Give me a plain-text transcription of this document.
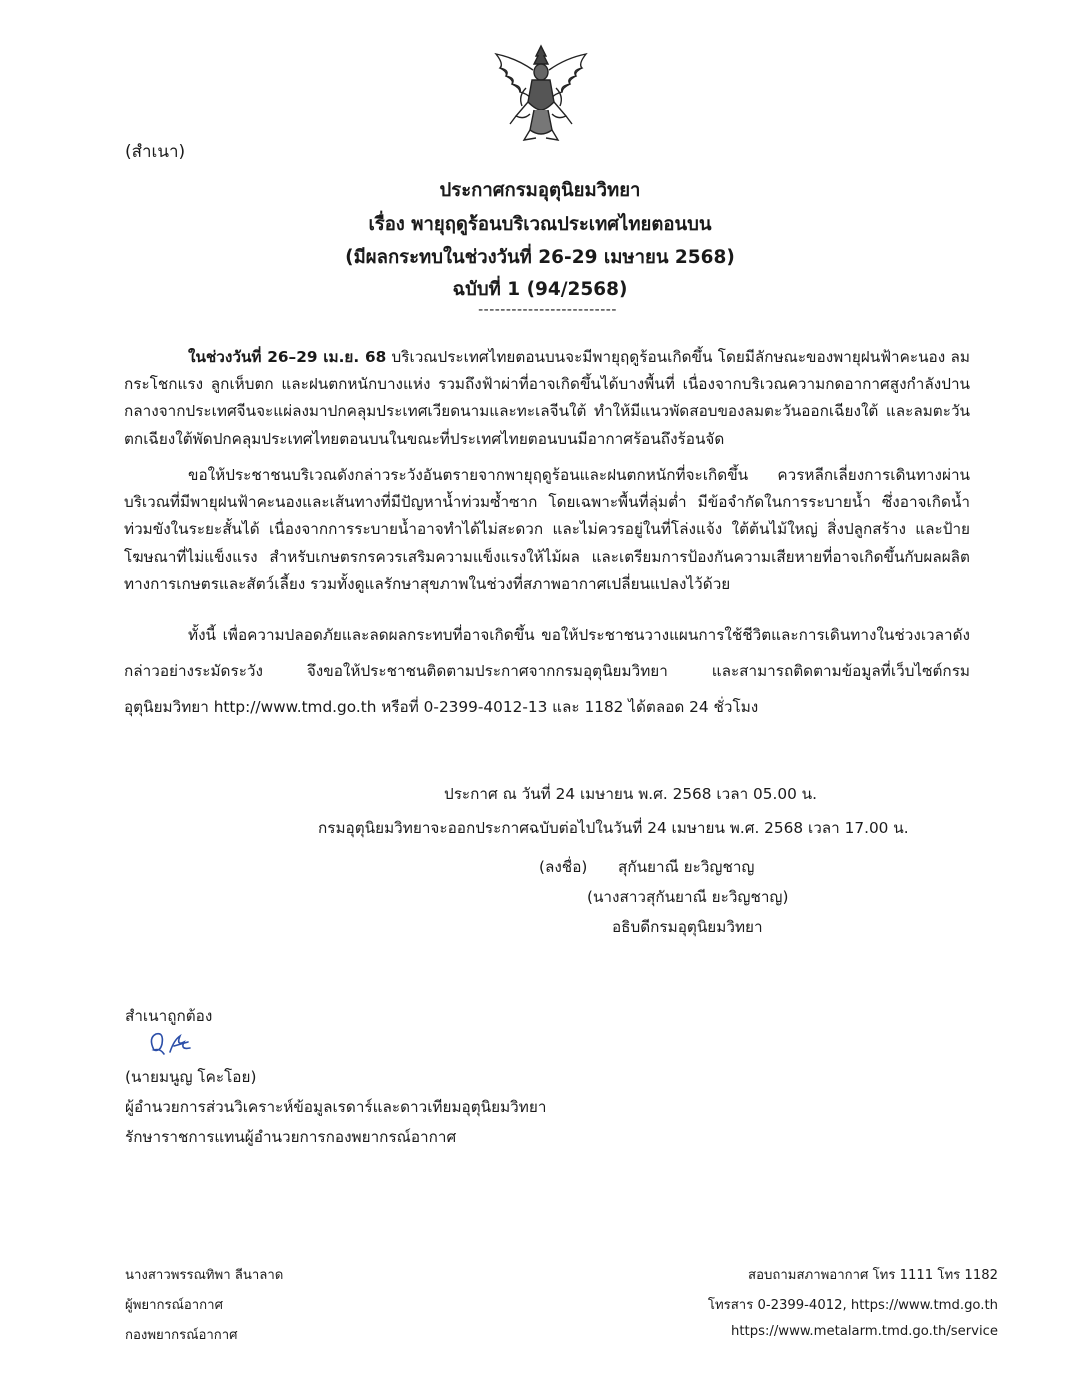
(สำเนา)
ประกาศกรมอุตุนิยมวิทยา
เรื่อง พายุฤดูร้อนบริเวณประเทศไทยตอนบน
(มีผลกระทบในช่วงวันที่ 26-29 เมษายน 2568)
ฉบับที่ 1 (94/2568)
-------------------------

ในช่วงวันที่ 26–29 เม.ย. 68 บริเวณประเทศไทยตอนบนจะมีพายุฤดูร้อนเกิดขึ้น โดยมีลักษณะของพายุฝนฟ้าคะนอง ลมกระโชกแรง ลูกเห็บตก และฝนตกหนักบางแห่ง รวมถึงฟ้าผ่าที่อาจเกิดขึ้นได้บางพื้นที่ เนื่องจากบริเวณความกดอากาศสูงกำลังปานกลางจากประเทศจีนจะแผ่ลงมาปกคลุมประเทศเวียดนามและทะเลจีนใต้ ทำให้มีแนวพัดสอบของลมตะวันออกเฉียงใต้ และลมตะวันตกเฉียงใต้พัดปกคลุมประเทศไทยตอนบนในขณะที่ประเทศไทยตอนบนมีอากาศร้อนถึงร้อนจัด

ขอให้ประชาชนบริเวณดังกล่าวระวังอันตรายจากพายุฤดูร้อนและฝนตกหนักที่จะเกิดขึ้น ควรหลีกเลี่ยงการเดินทางผ่านบริเวณที่มีพายุฝนฟ้าคะนองและเส้นทางที่มีปัญหาน้ำท่วมซ้ำซาก โดยเฉพาะพื้นที่ลุ่มต่ำ มีข้อจำกัดในการระบายน้ำ ซึ่งอาจเกิดน้ำท่วมขังในระยะสั้นได้ เนื่องจากการระบายน้ำอาจทำได้ไม่สะดวก และไม่ควรอยู่ในที่โล่งแจ้ง ใต้ต้นไม้ใหญ่ สิ่งปลูกสร้าง และป้ายโฆษณาที่ไม่แข็งแรง สำหรับเกษตรกรควรเสริมความแข็งแรงให้ไม้ผล และเตรียมการป้องกันความเสียหายที่อาจเกิดขึ้นกับผลผลิตทางการเกษตรและสัตว์เลี้ยง รวมทั้งดูแลรักษาสุขภาพในช่วงที่สภาพอากาศเปลี่ยนแปลงไว้ด้วย

ทั้งนี้ เพื่อความปลอดภัยและลดผลกระทบที่อาจเกิดขึ้น ขอให้ประชาชนวางแผนการใช้ชีวิตและการเดินทางในช่วงเวลาดังกล่าวอย่างระมัดระวัง จึงขอให้ประชาชนติดตามประกาศจากกรมอุตุนิยมวิทยา และสามารถติดตามข้อมูลที่เว็บไซต์กรมอุตุนิยมวิทยา http://www.tmd.go.th หรือที่ 0-2399-4012-13 และ 1182 ได้ตลอด 24 ชั่วโมง

ประกาศ ณ วันที่ 24 เมษายน พ.ศ. 2568 เวลา 05.00 น.
กรมอุตุนิยมวิทยาจะออกประกาศฉบับต่อไปในวันที่ 24 เมษายน พ.ศ. 2568 เวลา 17.00 น.
(ลงชื่อ) สุกันยาณี ยะวิญชาญ
(นางสาวสุกันยาณี ยะวิญชาญ)
อธิบดีกรมอุตุนิยมวิทยา
สำเนาถูกต้อง
(นายมนูญ โคะโอย)
ผู้อำนวยการส่วนวิเคราะห์ข้อมูลเรดาร์และดาวเทียมอุตุนิยมวิทยา
รักษาราชการแทนผู้อำนวยการกองพยากรณ์อากาศ
นางสาวพรรณทิพา ลีนาลาด
ผู้พยากรณ์อากาศ
กองพยากรณ์อากาศ
สอบถามสภาพอากาศ โทร 1111 โทร 1182
โทรสาร 0-2399-4012, https://www.tmd.go.th
https://www.metalarm.tmd.go.th/service
